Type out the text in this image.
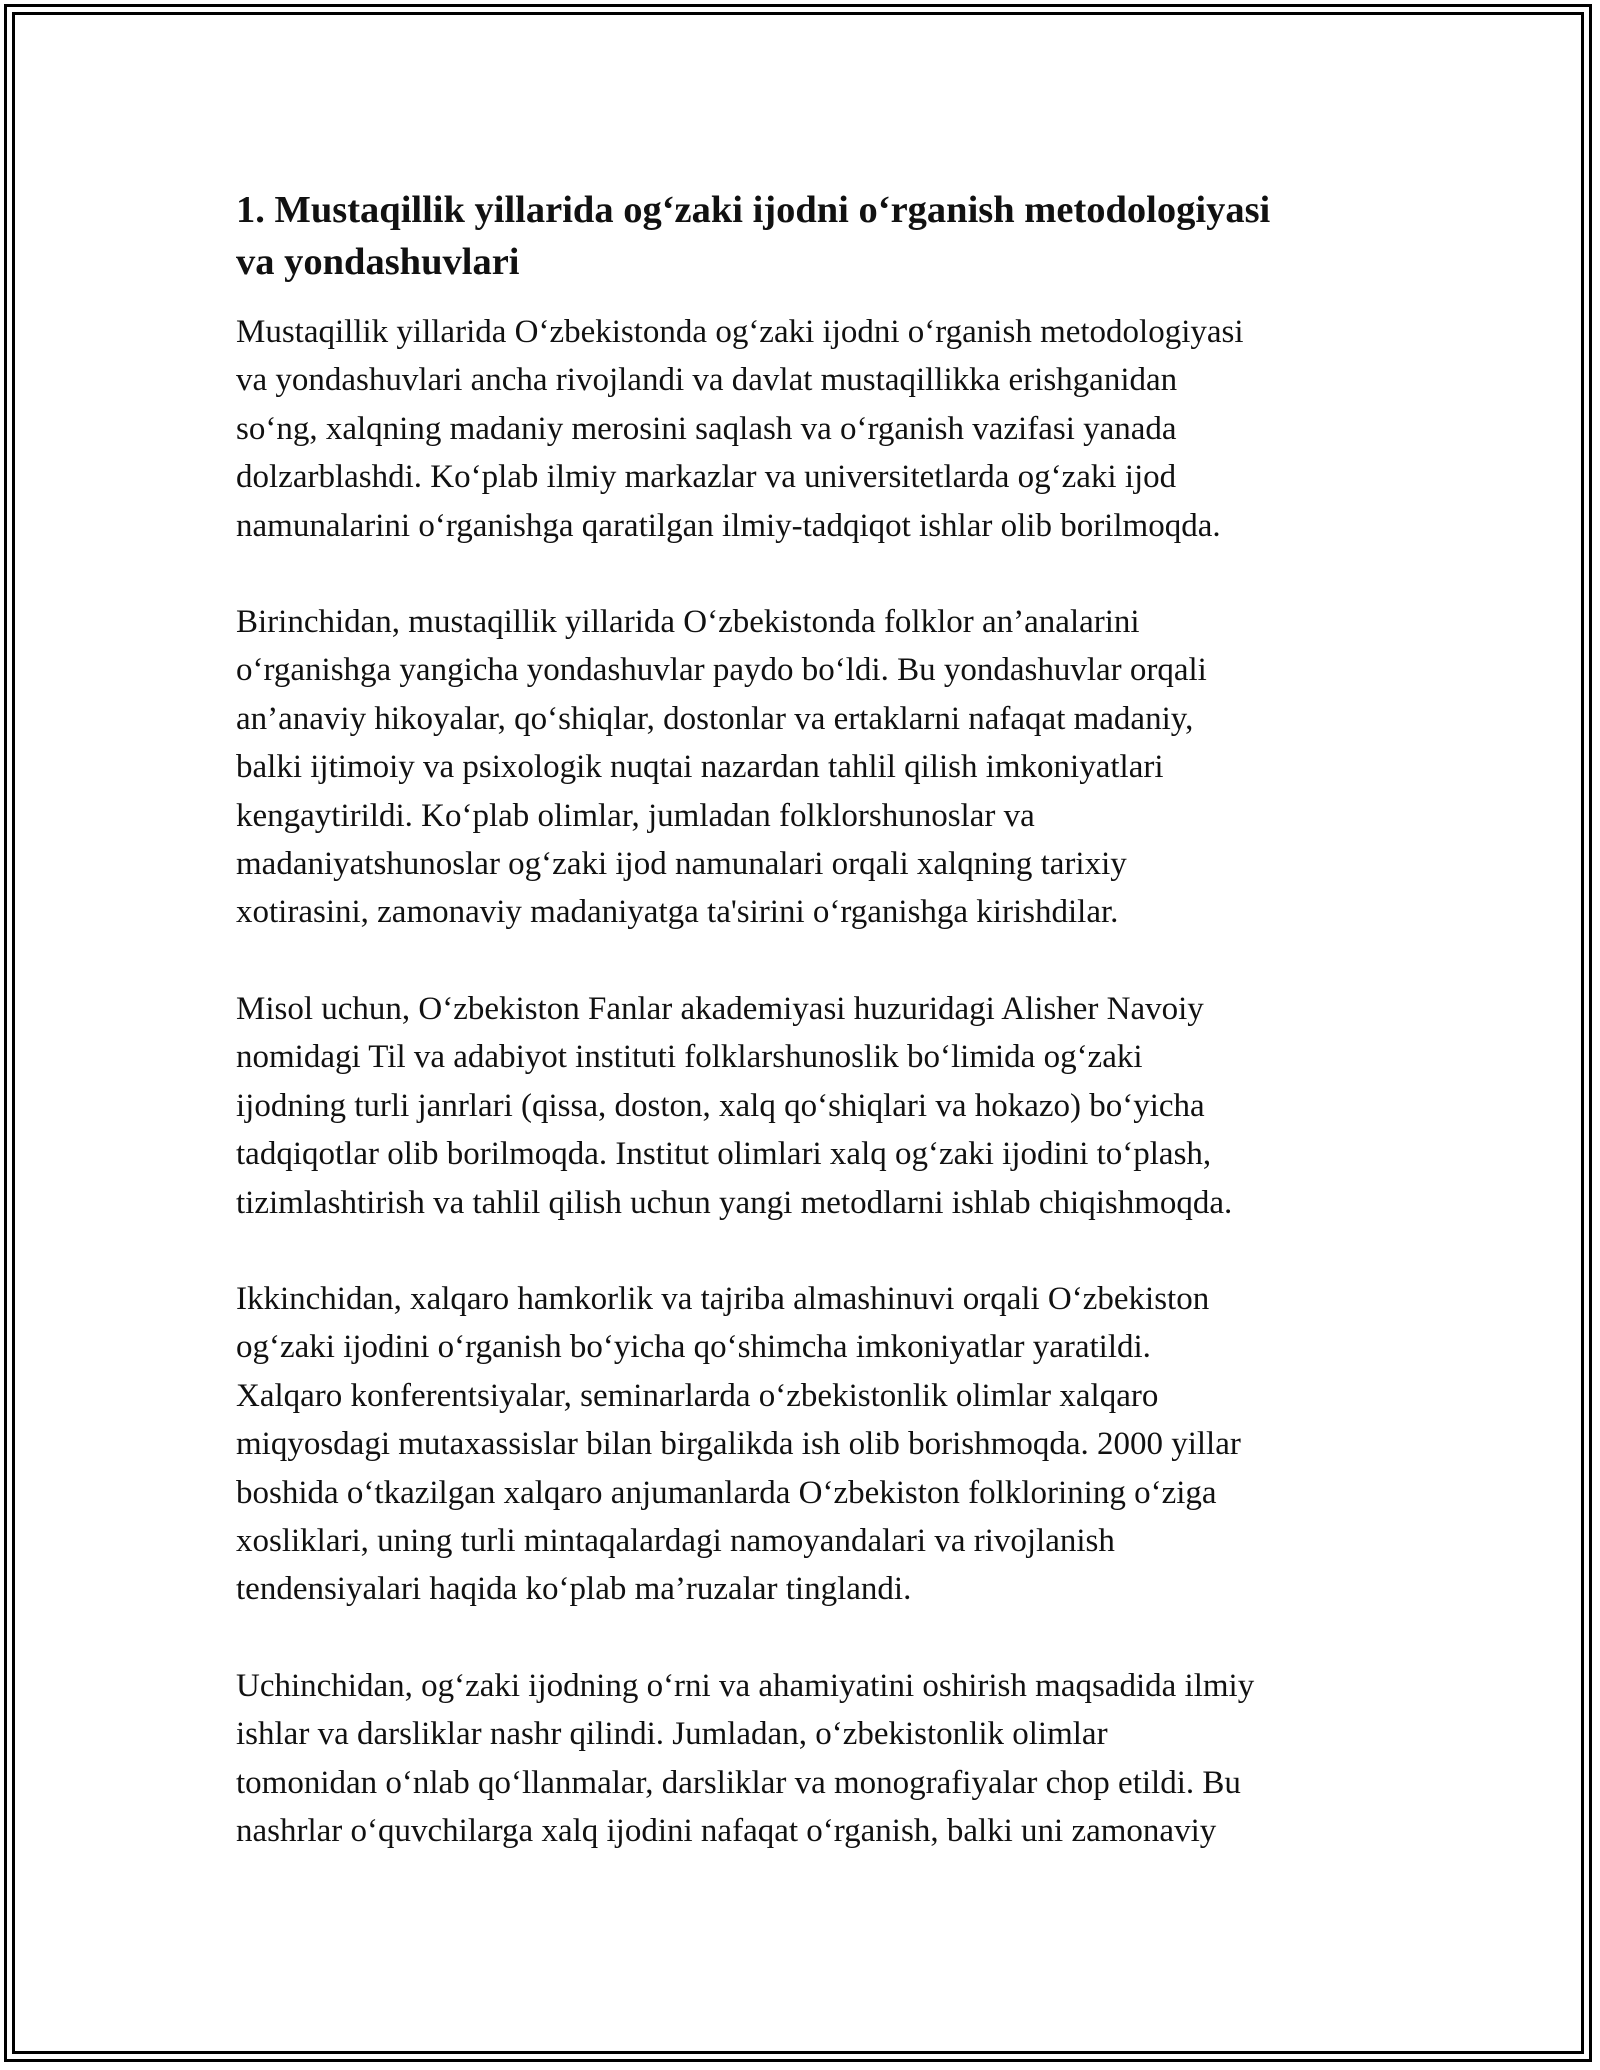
1. Mustaqillik yillarida og‘zaki ijodni o‘rganish metodologiyasi
va yondashuvlari

Mustaqillik yillarida O‘zbekistonda og‘zaki ijodni o‘rganish metodologiyasi
va yondashuvlari ancha rivojlandi va davlat mustaqillikka erishganidan
so‘ng, xalqning madaniy merosini saqlash va o‘rganish vazifasi yanada
dolzarblashdi. Ko‘plab ilmiy markazlar va universitetlarda og‘zaki ijod
namunalarini o‘rganishga qaratilgan ilmiy-tadqiqot ishlar olib borilmoqda.

Birinchidan, mustaqillik yillarida O‘zbekistonda folklor an’analarini
o‘rganishga yangicha yondashuvlar paydo bo‘ldi. Bu yondashuvlar orqali
an’anaviy hikoyalar, qo‘shiqlar, dostonlar va ertaklarni nafaqat madaniy,
balki ijtimoiy va psixologik nuqtai nazardan tahlil qilish imkoniyatlari
kengaytirildi. Ko‘plab olimlar, jumladan folklorshunoslar va
madaniyatshunoslar og‘zaki ijod namunalari orqali xalqning tarixiy
xotirasini, zamonaviy madaniyatga ta'sirini o‘rganishga kirishdilar.

Misol uchun, O‘zbekiston Fanlar akademiyasi huzuridagi Alisher Navoiy
nomidagi Til va adabiyot instituti folklarshunoslik bo‘limida og‘zaki
ijodning turli janrlari (qissa, doston, xalq qo‘shiqlari va hokazo) bo‘yicha
tadqiqotlar olib borilmoqda. Institut olimlari xalq og‘zaki ijodini to‘plash,
tizimlashtirish va tahlil qilish uchun yangi metodlarni ishlab chiqishmoqda.

Ikkinchidan, xalqaro hamkorlik va tajriba almashinuvi orqali O‘zbekiston
og‘zaki ijodini o‘rganish bo‘yicha qo‘shimcha imkoniyatlar yaratildi.
Xalqaro konferentsiyalar, seminarlarda o‘zbekistonlik olimlar xalqaro
miqyosdagi mutaxassislar bilan birgalikda ish olib borishmoqda. 2000 yillar
boshida o‘tkazilgan xalqaro anjumanlarda O‘zbekiston folklorining o‘ziga
xosliklari, uning turli mintaqalardagi namoyandalari va rivojlanish
tendensiyalari haqida ko‘plab ma’ruzalar tinglandi.

Uchinchidan, og‘zaki ijodning o‘rni va ahamiyatini oshirish maqsadida ilmiy
ishlar va darsliklar nashr qilindi. Jumladan, o‘zbekistonlik olimlar
tomonidan o‘nlab qo‘llanmalar, darsliklar va monografiyalar chop etildi. Bu
nashrlar o‘quvchilarga xalq ijodini nafaqat o‘rganish, balki uni zamonaviy
